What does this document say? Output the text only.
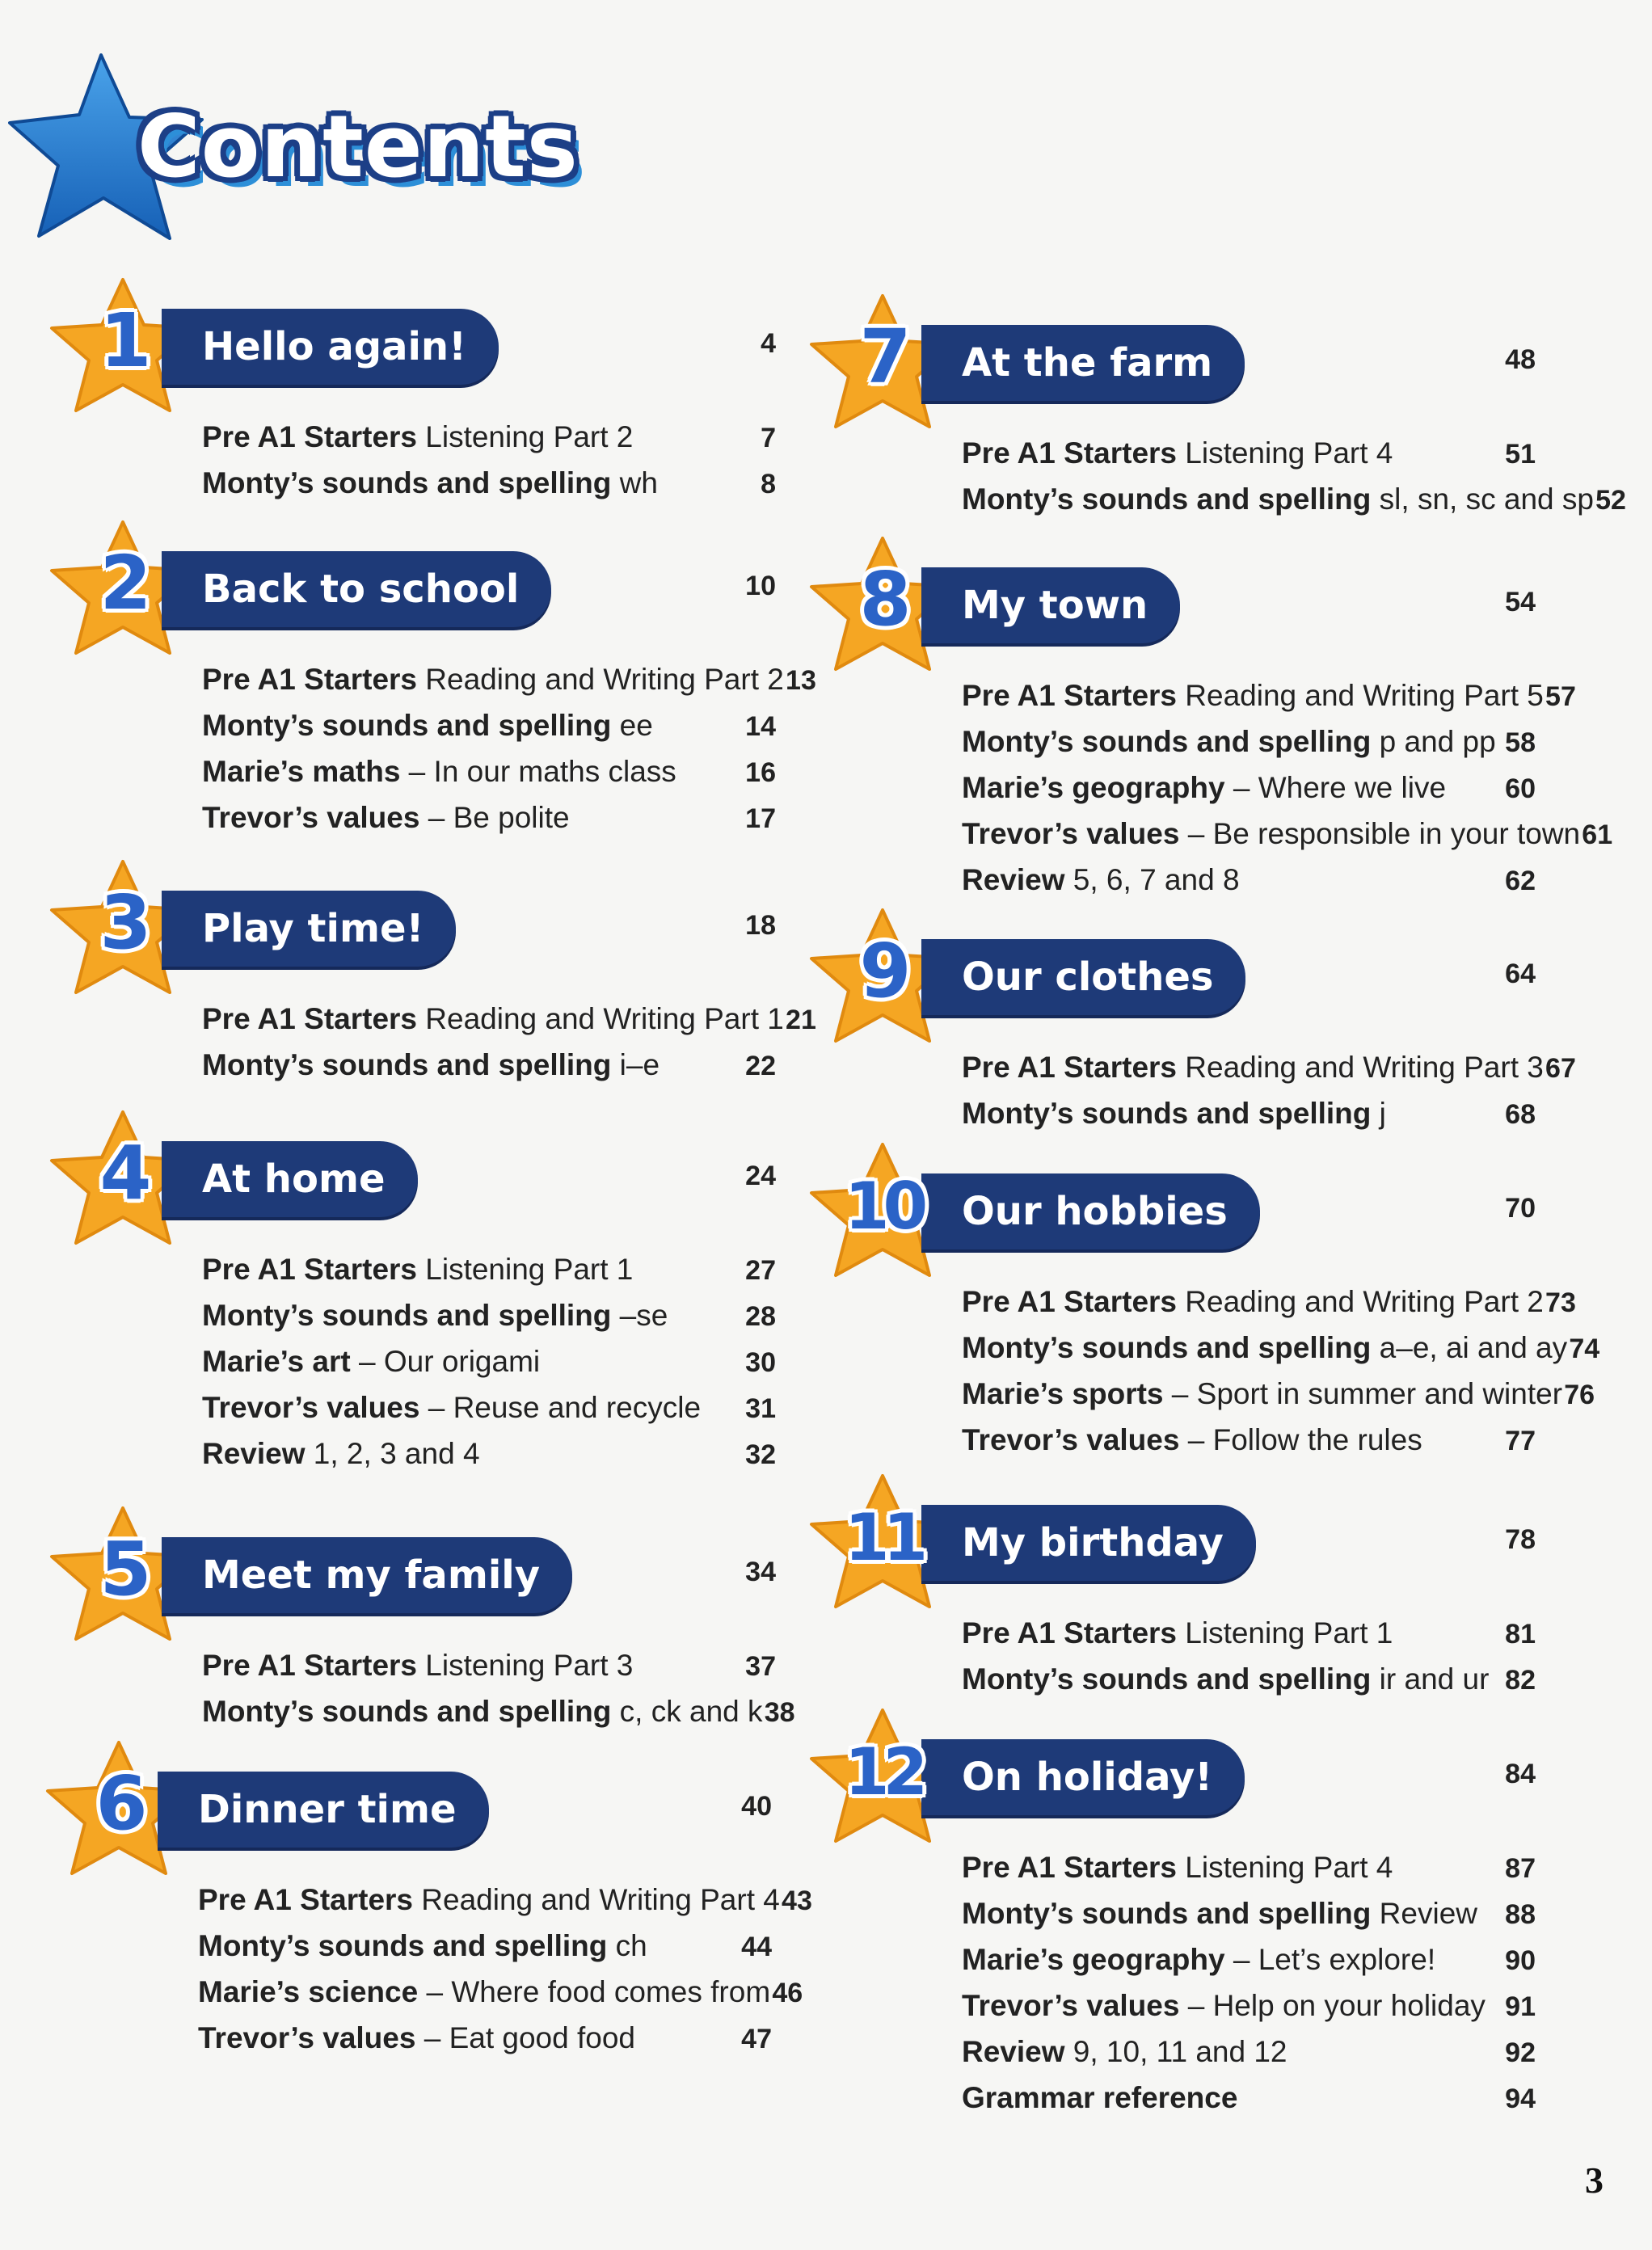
Contents
Hello again!
1	4
Pre A1 Starters Listening Part 2	7
Monty’s sounds and spelling wh	8
Back to school
2	10
Pre A1 Starters Reading and Writing Part 2 13
Monty’s sounds and spelling ee	14
Marie’s maths – In our maths class	16
Trevor’s values – Be polite	17
Play time!
3	18
Pre A1 Starters Reading and Writing Part 1 21
Monty’s sounds and spelling i–e	22
At home
4	24
Pre A1 Starters Listening Part 1	27
Monty’s sounds and spelling –se	28
Marie’s art – Our origami	30
Trevor’s values – Reuse and recycle 31
Review 1, 2, 3 and 4	32
Meet my family
5	34
Pre A1 Starters Listening Part 3	37
Monty’s sounds and spelling c, ck and k 38
Dinner time
6	40
Pre A1 Starters Reading and Writing Part 4 43
Monty’s sounds and spelling ch	44
Marie’s science – Where food comes from 46
Trevor’s values – Eat good food	47
At the farm
7	48
Pre A1 Starters Listening Part 4	51
Monty’s sounds and spelling sl, sn, sc and sp 52
My town
8	54
Pre A1 Starters Reading and Writing Part 5 57
Monty’s sounds and spelling p and pp 58
Marie’s geography – Where we live 60
Trevor’s values – Be responsible in your town 61
Review 5, 6, 7 and 8	62
Our clothes
9	64
Pre A1 Starters Reading and Writing Part 3 67
Monty’s sounds and spelling j	68
Our hobbies
10	70
Pre A1 Starters Reading and Writing Part 2 73
Monty’s sounds and spelling a–e, ai and ay 74
Marie’s sports – Sport in summer and winter 76
Trevor’s values – Follow the rules	77
My birthday
11	78
Pre A1 Starters Listening Part 1	81
Monty’s sounds and spelling ir and ur 82
On holiday!
12	84
Pre A1 Starters Listening Part 4	87
Monty’s sounds and spelling Review 88
Marie’s geography – Let’s explore!	90
Trevor’s values – Help on your holiday 91
Review 9, 10, 11 and 12	92
Grammar reference	94
3
